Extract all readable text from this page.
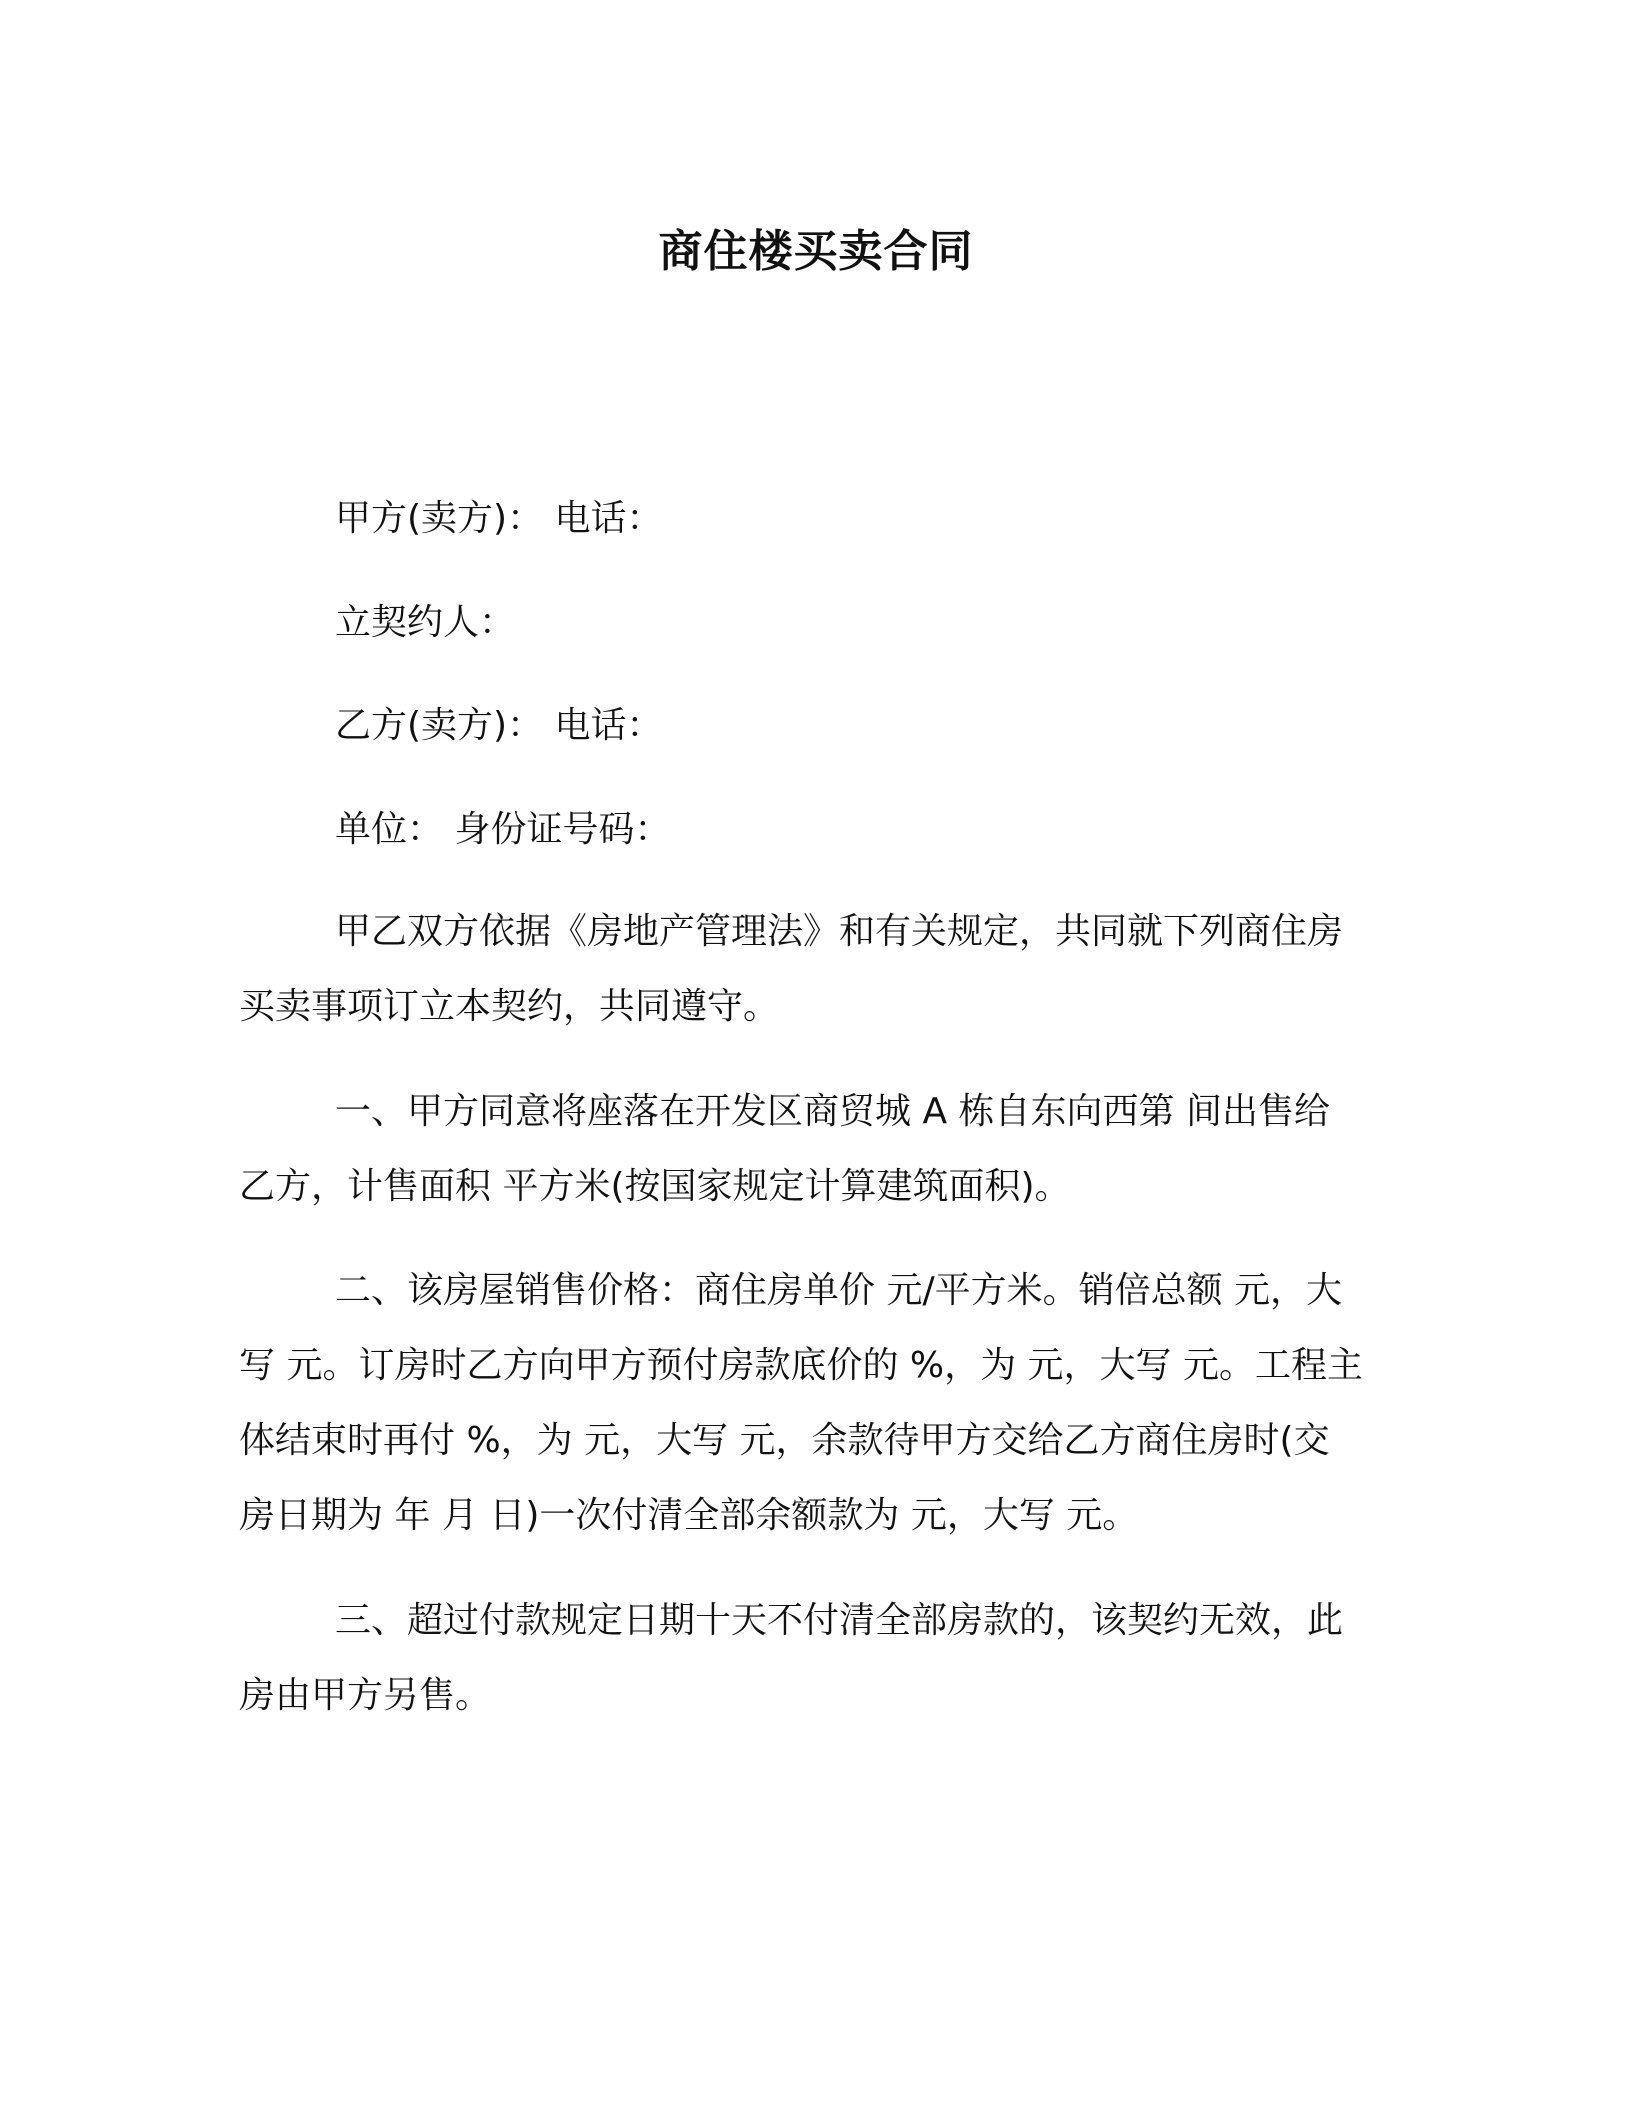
商住楼买卖合同
甲方(卖方)： 电话：
立契约人：
乙方(卖方)： 电话：
单位： 身份证号码：
甲乙双方依据《房地产管理法》和有关规定，共同就下列商住房
买卖事项订立本契约，共同遵守。
一、甲方同意将座落在开发区商贸城 A 栋自东向西第 间出售给
乙方，计售面积 平方米(按国家规定计算建筑面积)。
二、该房屋销售价格：商住房单价 元/平方米。销倍总额 元，大
写 元。订房时乙方向甲方预付房款底价的 %，为 元，大写 元。工程主
体结束时再付 %，为 元，大写 元，余款待甲方交给乙方商住房时(交
房日期为 年 月 日)一次付清全部余额款为 元，大写 元。
三、超过付款规定日期十天不付清全部房款的，该契约无效，此
房由甲方另售。
